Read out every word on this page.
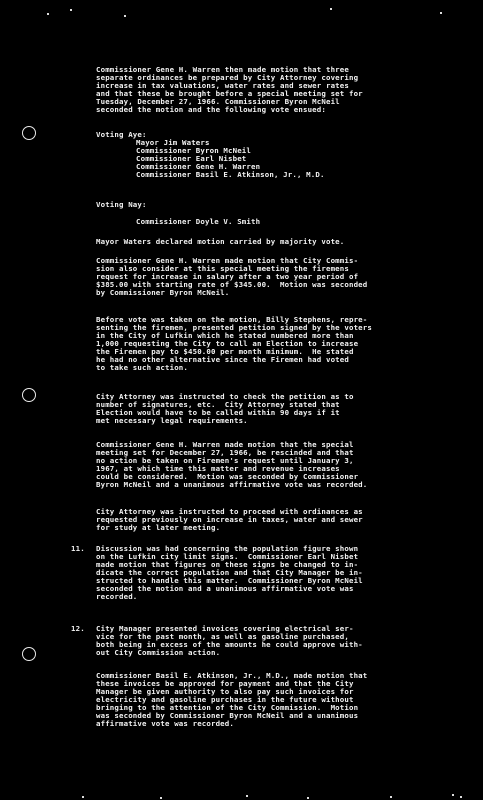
Commissioner Gene H. Warren then made motion that three
separate ordinances be prepared by City Attorney covering
increase in tax valuations, water rates and sewer rates
and that these be brought before a special meeting set for
Tuesday, December 27, 1966. Commissioner Byron McNeil
seconded the motion and the following vote ensued:
Voting Aye:
Mayor Jim Waters
Commissioner Byron McNeil
Commissioner Earl Nisbet
Commissioner Gene H. Warren
Commissioner Basil E. Atkinson, Jr., M.D.
Voting Nay:
Commissioner Doyle V. Smith
Mayor Waters declared motion carried by majority vote.
Commissioner Gene H. Warren made motion that City Commis-
sion also consider at this special meeting the firemens
request for increase in salary after a two year period of
$385.00 with starting rate of $345.00.  Motion was seconded
by Commissioner Byron McNeil.
Before vote was taken on the motion, Billy Stephens, repre-
senting the firemen, presented petition signed by the voters
in the City of Lufkin which he stated numbered more than
1,000 requesting the City to call an Election to increase
the Firemen pay to $450.00 per month minimum.  He stated
he had no other alternative since the Firemen had voted
to take such action.
City Attorney was instructed to check the petition as to
number of signatures, etc.  City Attorney stated that
Election would have to be called within 90 days if it
met necessary legal requirements.
Commissioner Gene H. Warren made motion that the special
meeting set for December 27, 1966, be rescinded and that
no action be taken on Firemen's request until January 3,
1967, at which time this matter and revenue increases
could be considered.  Motion was seconded by Commissioner
Byron McNeil and a unanimous affirmative vote was recorded.
City Attorney was instructed to proceed with ordinances as
requested previously on increase in taxes, water and sewer
for study at later meeting.
11. Discussion was had concerning the population figure shown
on the Lufkin city limit signs.  Commissioner Earl Nisbet
made motion that figures on these signs be changed to in-
dicate the correct population and that City Manager be in-
structed to handle this matter.  Commissioner Byron McNeil
seconded the motion and a unanimous affirmative vote was
recorded.
12. City Manager presented invoices covering electrical ser-
vice for the past month, as well as gasoline purchased,
both being in excess of the amounts he could approve with-
out City Commission action.
Commissioner Basil E. Atkinson, Jr., M.D., made motion that
these invoices be approved for payment and that the City
Manager be given authority to also pay such invoices for
electricity and gasoline purchases in the future without
bringing to the attention of the City Commission.  Motion
was seconded by Commissioner Byron McNeil and a unanimous
affirmative vote was recorded.
